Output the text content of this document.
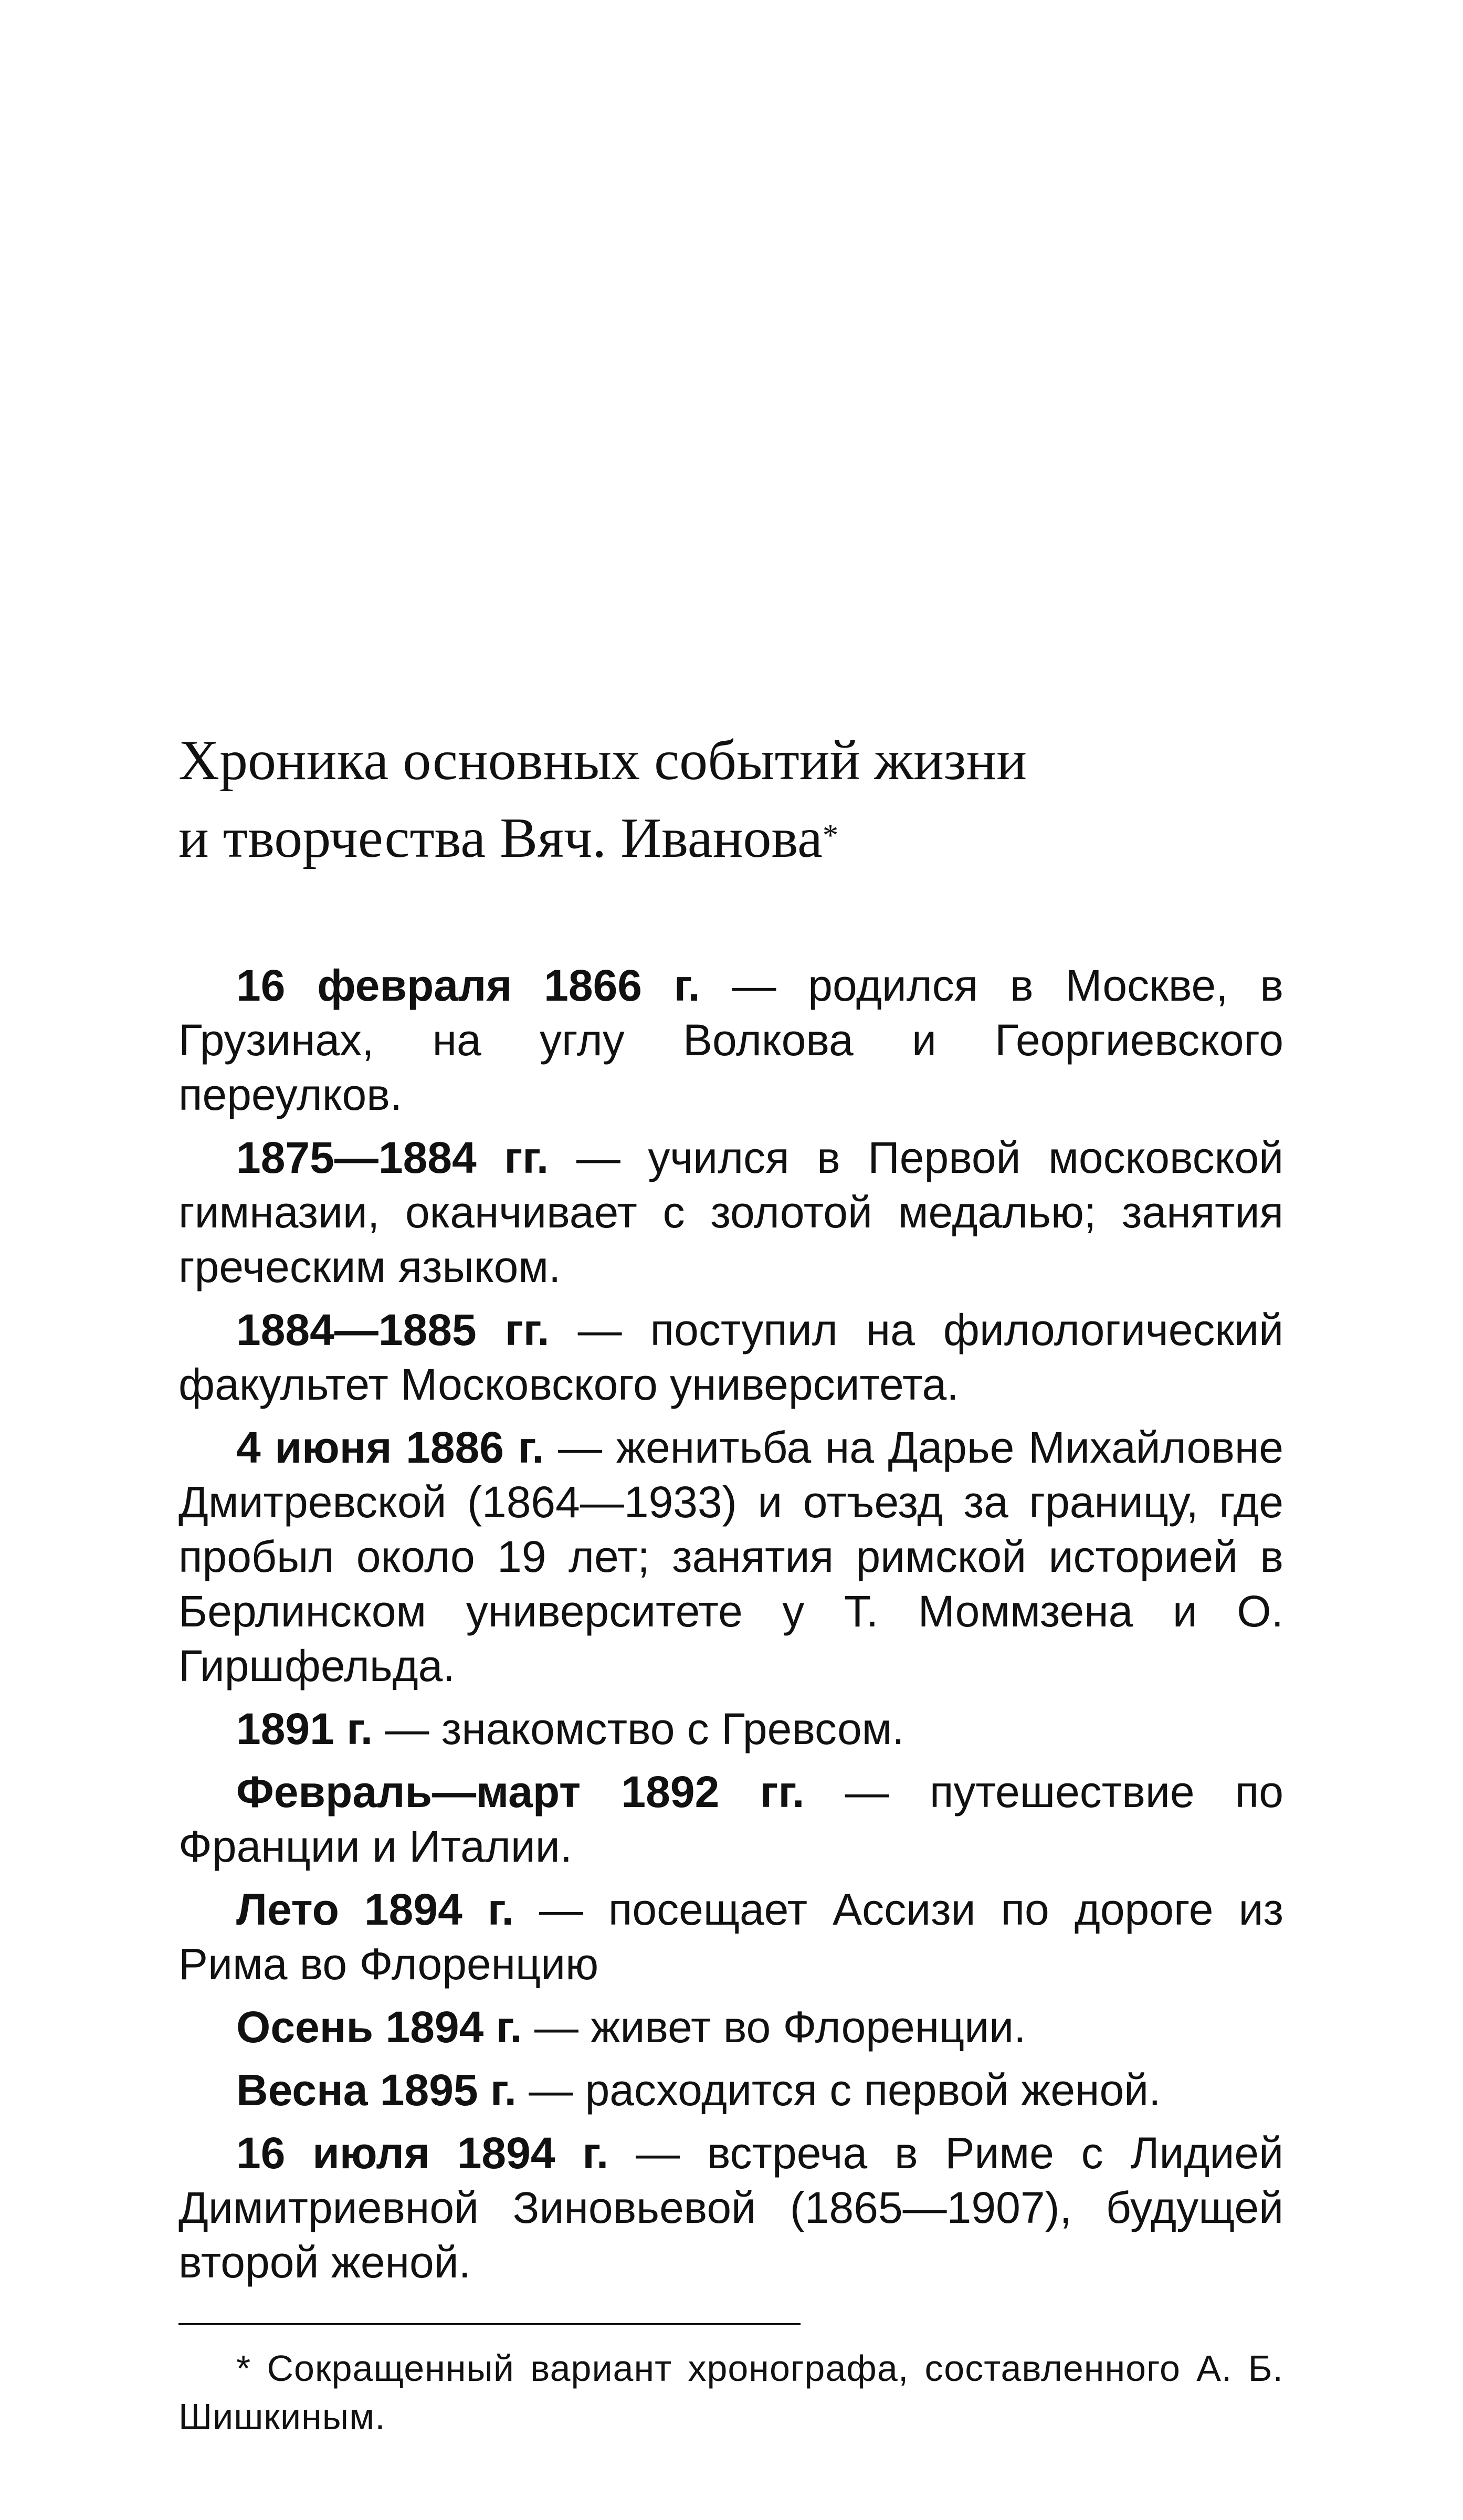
Хроника основных событий жизни
и творчества Вяч. Иванова*

16 февраля 1866 г. — родился в Москве, в Грузинах, на углу Волкова и Георгиевского переулков.

1875—1884 гг. — учился в Первой московской гимназии, оканчивает с золотой медалью; занятия греческим языком.

1884—1885 гг. — поступил на филологический факультет Московского университета.

4 июня 1886 г. — женитьба на Дарье Михайловне Дмитревской (1864—1933) и отъезд за границу, где пробыл около 19 лет; занятия римской историей в Берлинском университете у Т. Моммзена и О. Гиршфельда.

1891 г. — знакомство с Гревсом.

Февраль—март 1892 гг. — путешествие по Франции и Италии.

Лето 1894 г. — посещает Ассизи по дороге из Рима во Флоренцию

Осень 1894 г. — живет во Флоренции.

Весна 1895 г. — расходится с первой женой.

16 июля 1894 г. — встреча в Риме с Лидией Димитриевной Зиновьевой (1865—1907), будущей второй женой.

* Сокращенный вариант хронографа, составленного А. Б. Шишкиным.
